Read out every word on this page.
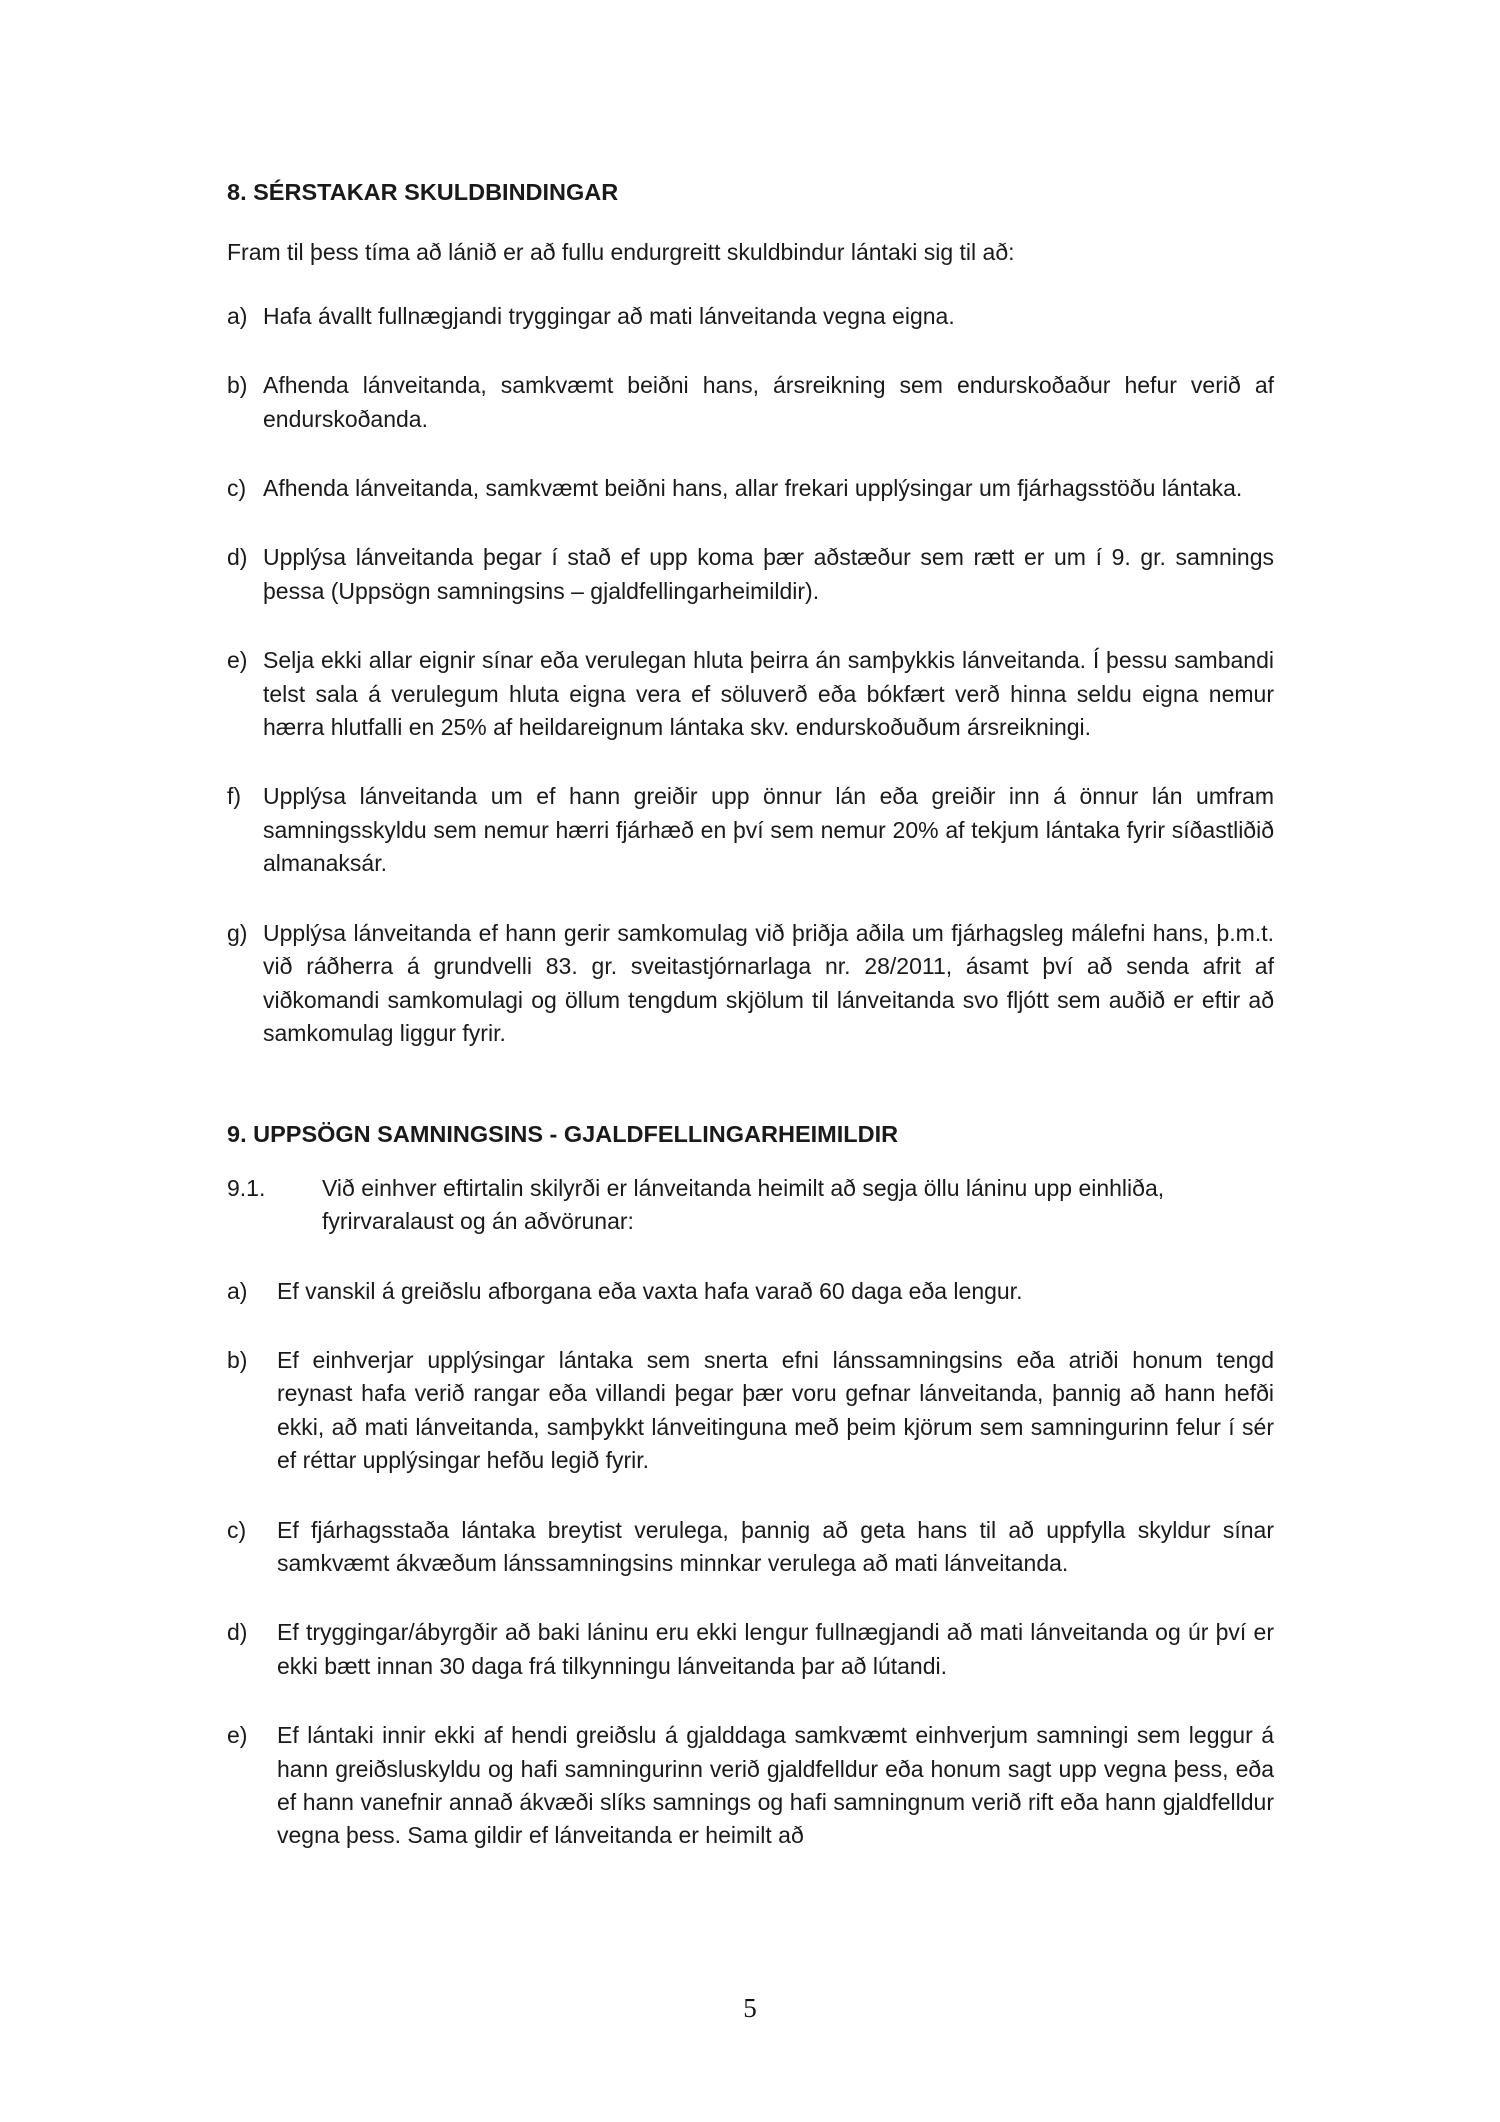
8. SÉRSTAKAR SKULDBINDINGAR

Fram til þess tíma að lánið er að fullu endurgreitt skuldbindur lántaki sig til að:

a) Hafa ávallt fullnægjandi tryggingar að mati lánveitanda vegna eigna.
b) Afhenda lánveitanda, samkvæmt beiðni hans, ársreikning sem endurskoðaður hefur verið af endurskoðanda.
c) Afhenda lánveitanda, samkvæmt beiðni hans, allar frekari upplýsingar um fjárhagsstöðu lántaka.
d) Upplýsa lánveitanda þegar í stað ef upp koma þær aðstæður sem rætt er um í 9. gr. samnings þessa (Uppsögn samningsins – gjaldfellingarheimildir).
e) Selja ekki allar eignir sínar eða verulegan hluta þeirra án samþykkis lánveitanda. Í þessu sambandi telst sala á verulegum hluta eigna vera ef söluverð eða bókfært verð hinna seldu eigna nemur hærra hlutfalli en 25% af heildareignum lántaka skv. endurskoðuðum ársreikningi.
f) Upplýsa lánveitanda um ef hann greiðir upp önnur lán eða greiðir inn á önnur lán umfram samningsskyldu sem nemur hærri fjárhæð en því sem nemur 20% af tekjum lántaka fyrir síðastliðið almanaksár.
g) Upplýsa lánveitanda ef hann gerir samkomulag við þriðja aðila um fjárhagsleg málefni hans, þ.m.t. við ráðherra á grundvelli 83. gr. sveitastjórnarlaga nr. 28/2011, ásamt því að senda afrit af viðkomandi samkomulagi og öllum tengdum skjölum til lánveitanda svo fljótt sem auðið er eftir að samkomulag liggur fyrir.
9. UPPSÖGN SAMNINGSINS - GJALDFELLINGARHEIMILDIR
9.1.	Við einhver eftirtalin skilyrði er lánveitanda heimilt að segja öllu láninu upp einhliða, fyrirvaralaust og án aðvörunar:
a)	Ef vanskil á greiðslu afborgana eða vaxta hafa varað 60 daga eða lengur.
b)	Ef einhverjar upplýsingar lántaka sem snerta efni lánssamningsins eða atriði honum tengd reynast hafa verið rangar eða villandi þegar þær voru gefnar lánveitanda, þannig að hann hefði ekki, að mati lánveitanda, samþykkt lánveitinguna með þeim kjörum sem samningurinn felur í sér ef réttar upplýsingar hefðu legið fyrir.
c)	Ef fjárhagsstaða lántaka breytist verulega, þannig að geta hans til að uppfylla skyldur sínar samkvæmt ákvæðum lánssamningsins minnkar verulega að mati lánveitanda.
d)	Ef tryggingar/ábyrgðir að baki láninu eru ekki lengur fullnægjandi að mati lánveitanda og úr því er ekki bætt innan 30 daga frá tilkynningu lánveitanda þar að lútandi.
e)	Ef lántaki innir ekki af hendi greiðslu á gjalddaga samkvæmt einhverjum samningi sem leggur á hann greiðsluskyldu og hafi samningurinn verið gjaldfelldur eða honum sagt upp vegna þess, eða ef hann vanefnir annað ákvæði slíks samnings og hafi samningnum verið rift eða hann gjaldfelldur vegna þess. Sama gildir ef lánveitanda er heimilt að
5
